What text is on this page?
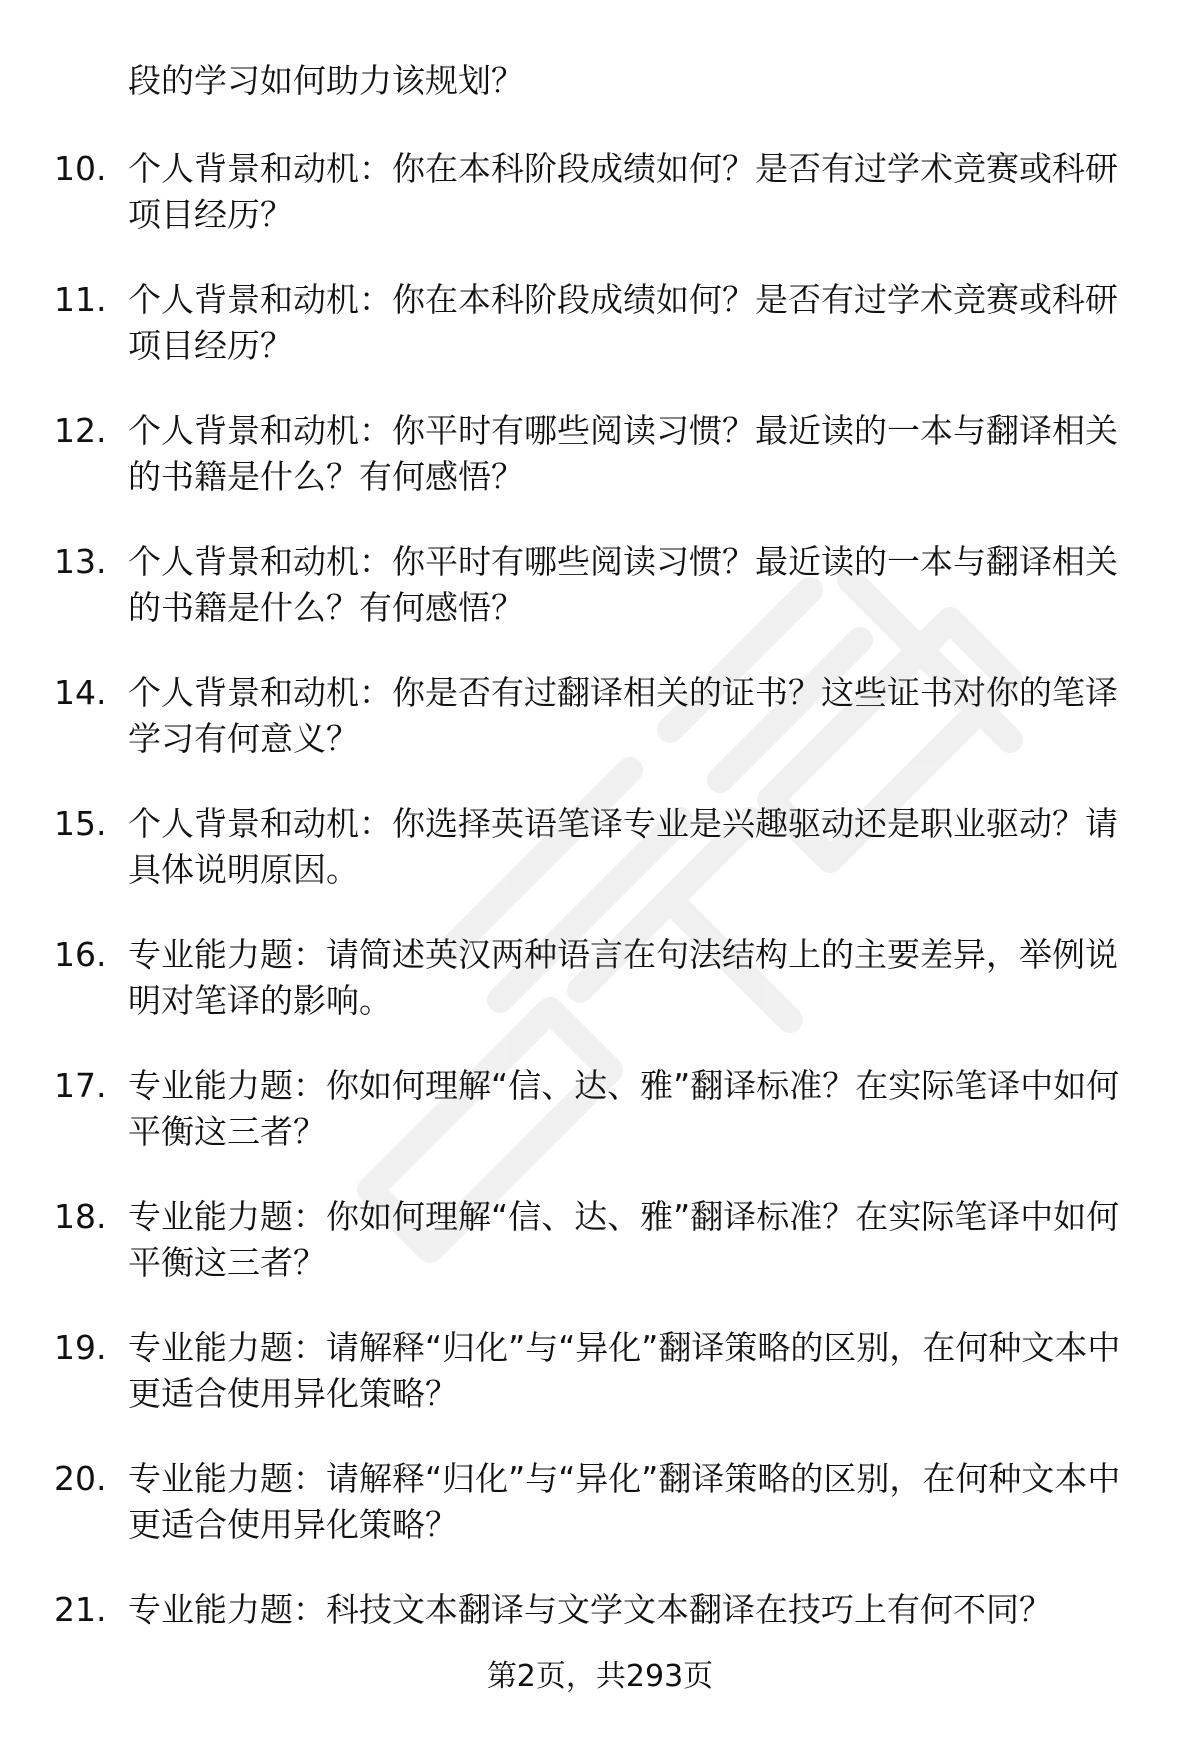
段的学习如何助力该规划？

10. 个人背景和动机：你在本科阶段成绩如何？是否有过学术竞赛或科研项目经历？

11. 个人背景和动机：你在本科阶段成绩如何？是否有过学术竞赛或科研项目经历？

12. 个人背景和动机：你平时有哪些阅读习惯？最近读的一本与翻译相关的书籍是什么？有何感悟？

13. 个人背景和动机：你平时有哪些阅读习惯？最近读的一本与翻译相关的书籍是什么？有何感悟？

14. 个人背景和动机：你是否有过翻译相关的证书？这些证书对你的笔译学习有何意义？

15. 个人背景和动机：你选择英语笔译专业是兴趣驱动还是职业驱动？请具体说明原因。

16. 专业能力题：请简述英汉两种语言在句法结构上的主要差异，举例说明对笔译的影响。

17. 专业能力题：你如何理解“信、达、雅”翻译标准？在实际笔译中如何平衡这三者？

18. 专业能力题：你如何理解“信、达、雅”翻译标准？在实际笔译中如何平衡这三者？

19. 专业能力题：请解释“归化”与“异化”翻译策略的区别，在何种文本中更适合使用异化策略？

20. 专业能力题：请解释“归化”与“异化”翻译策略的区别，在何种文本中更适合使用异化策略？

21. 专业能力题：科技文本翻译与文学文本翻译在技巧上有何不同？

第2页，共293页
